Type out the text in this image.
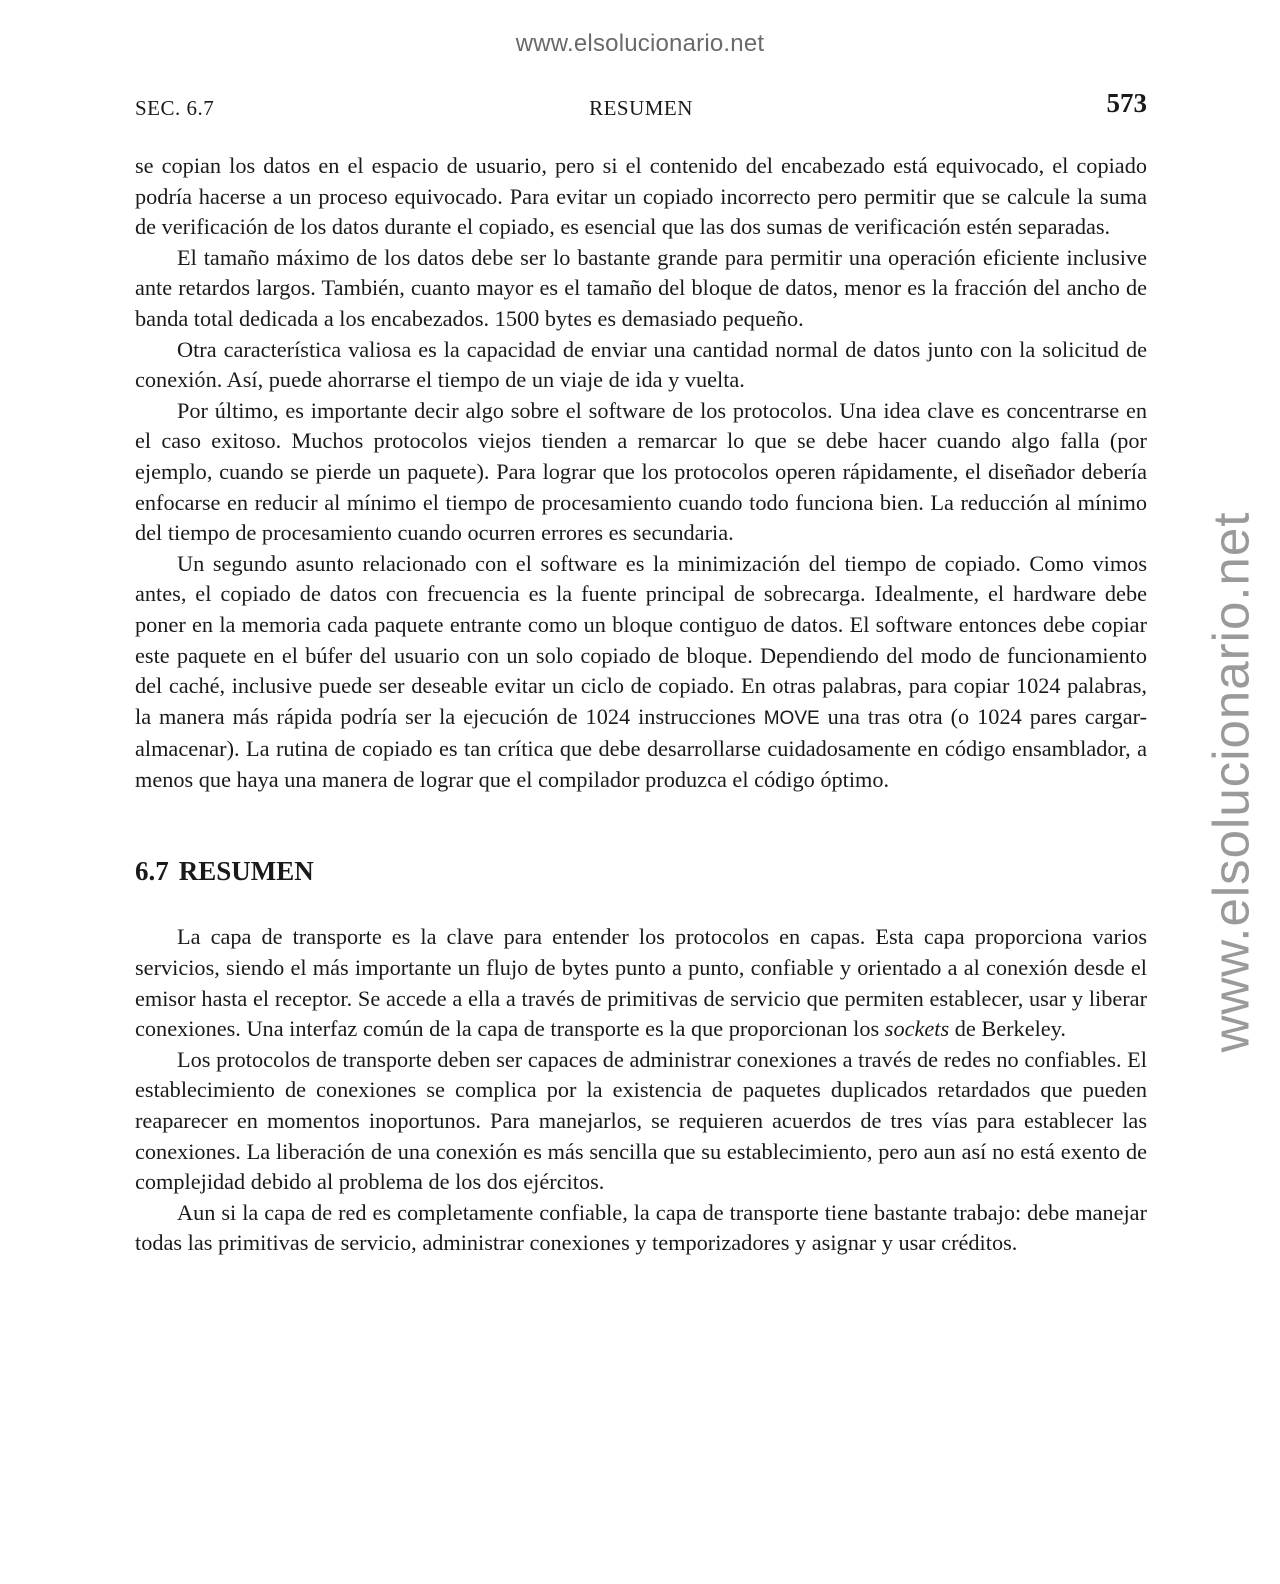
www.elsolucionario.net
www.elsolucionario.net
SEC. 6.7	RESUMEN	573

se copian los datos en el espacio de usuario, pero si el contenido del encabezado está equivocado, el copiado podría hacerse a un proceso equivocado. Para evitar un copiado incorrecto pero permitir que se calcule la suma de verificación de los datos durante el copiado, es esencial que las dos sumas de verificación estén separadas.

El tamaño máximo de los datos debe ser lo bastante grande para permitir una operación eficiente inclusive ante retardos largos. También, cuanto mayor es el tamaño del bloque de datos, menor es la fracción del ancho de banda total dedicada a los encabezados. 1500 bytes es demasiado pequeño.

Otra característica valiosa es la capacidad de enviar una cantidad normal de datos junto con la solicitud de conexión. Así, puede ahorrarse el tiempo de un viaje de ida y vuelta.

Por último, es importante decir algo sobre el software de los protocolos. Una idea clave es concentrarse en el caso exitoso. Muchos protocolos viejos tienden a remarcar lo que se debe hacer cuando algo falla (por ejemplo, cuando se pierde un paquete). Para lograr que los protocolos operen rápidamente, el diseñador debería enfocarse en reducir al mínimo el tiempo de procesamiento cuando todo funciona bien. La reducción al mínimo del tiempo de procesamiento cuando ocurren errores es secundaria.

Un segundo asunto relacionado con el software es la minimización del tiempo de copiado. Como vimos antes, el copiado de datos con frecuencia es la fuente principal de sobrecarga. Idealmente, el hardware debe poner en la memoria cada paquete entrante como un bloque contiguo de datos. El software entonces debe copiar este paquete en el búfer del usuario con un solo copiado de bloque. Dependiendo del modo de funcionamiento del caché, inclusive puede ser deseable evitar un ciclo de copiado. En otras palabras, para copiar 1024 palabras, la manera más rápida podría ser la ejecución de 1024 instrucciones MOVE una tras otra (o 1024 pares cargar-almacenar). La rutina de copiado es tan crítica que debe desarrollarse cuidadosamente en código ensamblador, a menos que haya una manera de lograr que el compilador produzca el código óptimo.

6.7 RESUMEN

La capa de transporte es la clave para entender los protocolos en capas. Esta capa proporciona varios servicios, siendo el más importante un flujo de bytes punto a punto, confiable y orientado a al conexión desde el emisor hasta el receptor. Se accede a ella a través de primitivas de servicio que permiten establecer, usar y liberar conexiones. Una interfaz común de la capa de transporte es la que proporcionan los sockets de Berkeley.

Los protocolos de transporte deben ser capaces de administrar conexiones a través de redes no confiables. El establecimiento de conexiones se complica por la existencia de paquetes duplicados retardados que pueden reaparecer en momentos inoportunos. Para manejarlos, se requieren acuerdos de tres vías para establecer las conexiones. La liberación de una conexión es más sencilla que su establecimiento, pero aun así no está exento de complejidad debido al problema de los dos ejércitos.

Aun si la capa de red es completamente confiable, la capa de transporte tiene bastante trabajo: debe manejar todas las primitivas de servicio, administrar conexiones y temporizadores y asignar y usar créditos.
